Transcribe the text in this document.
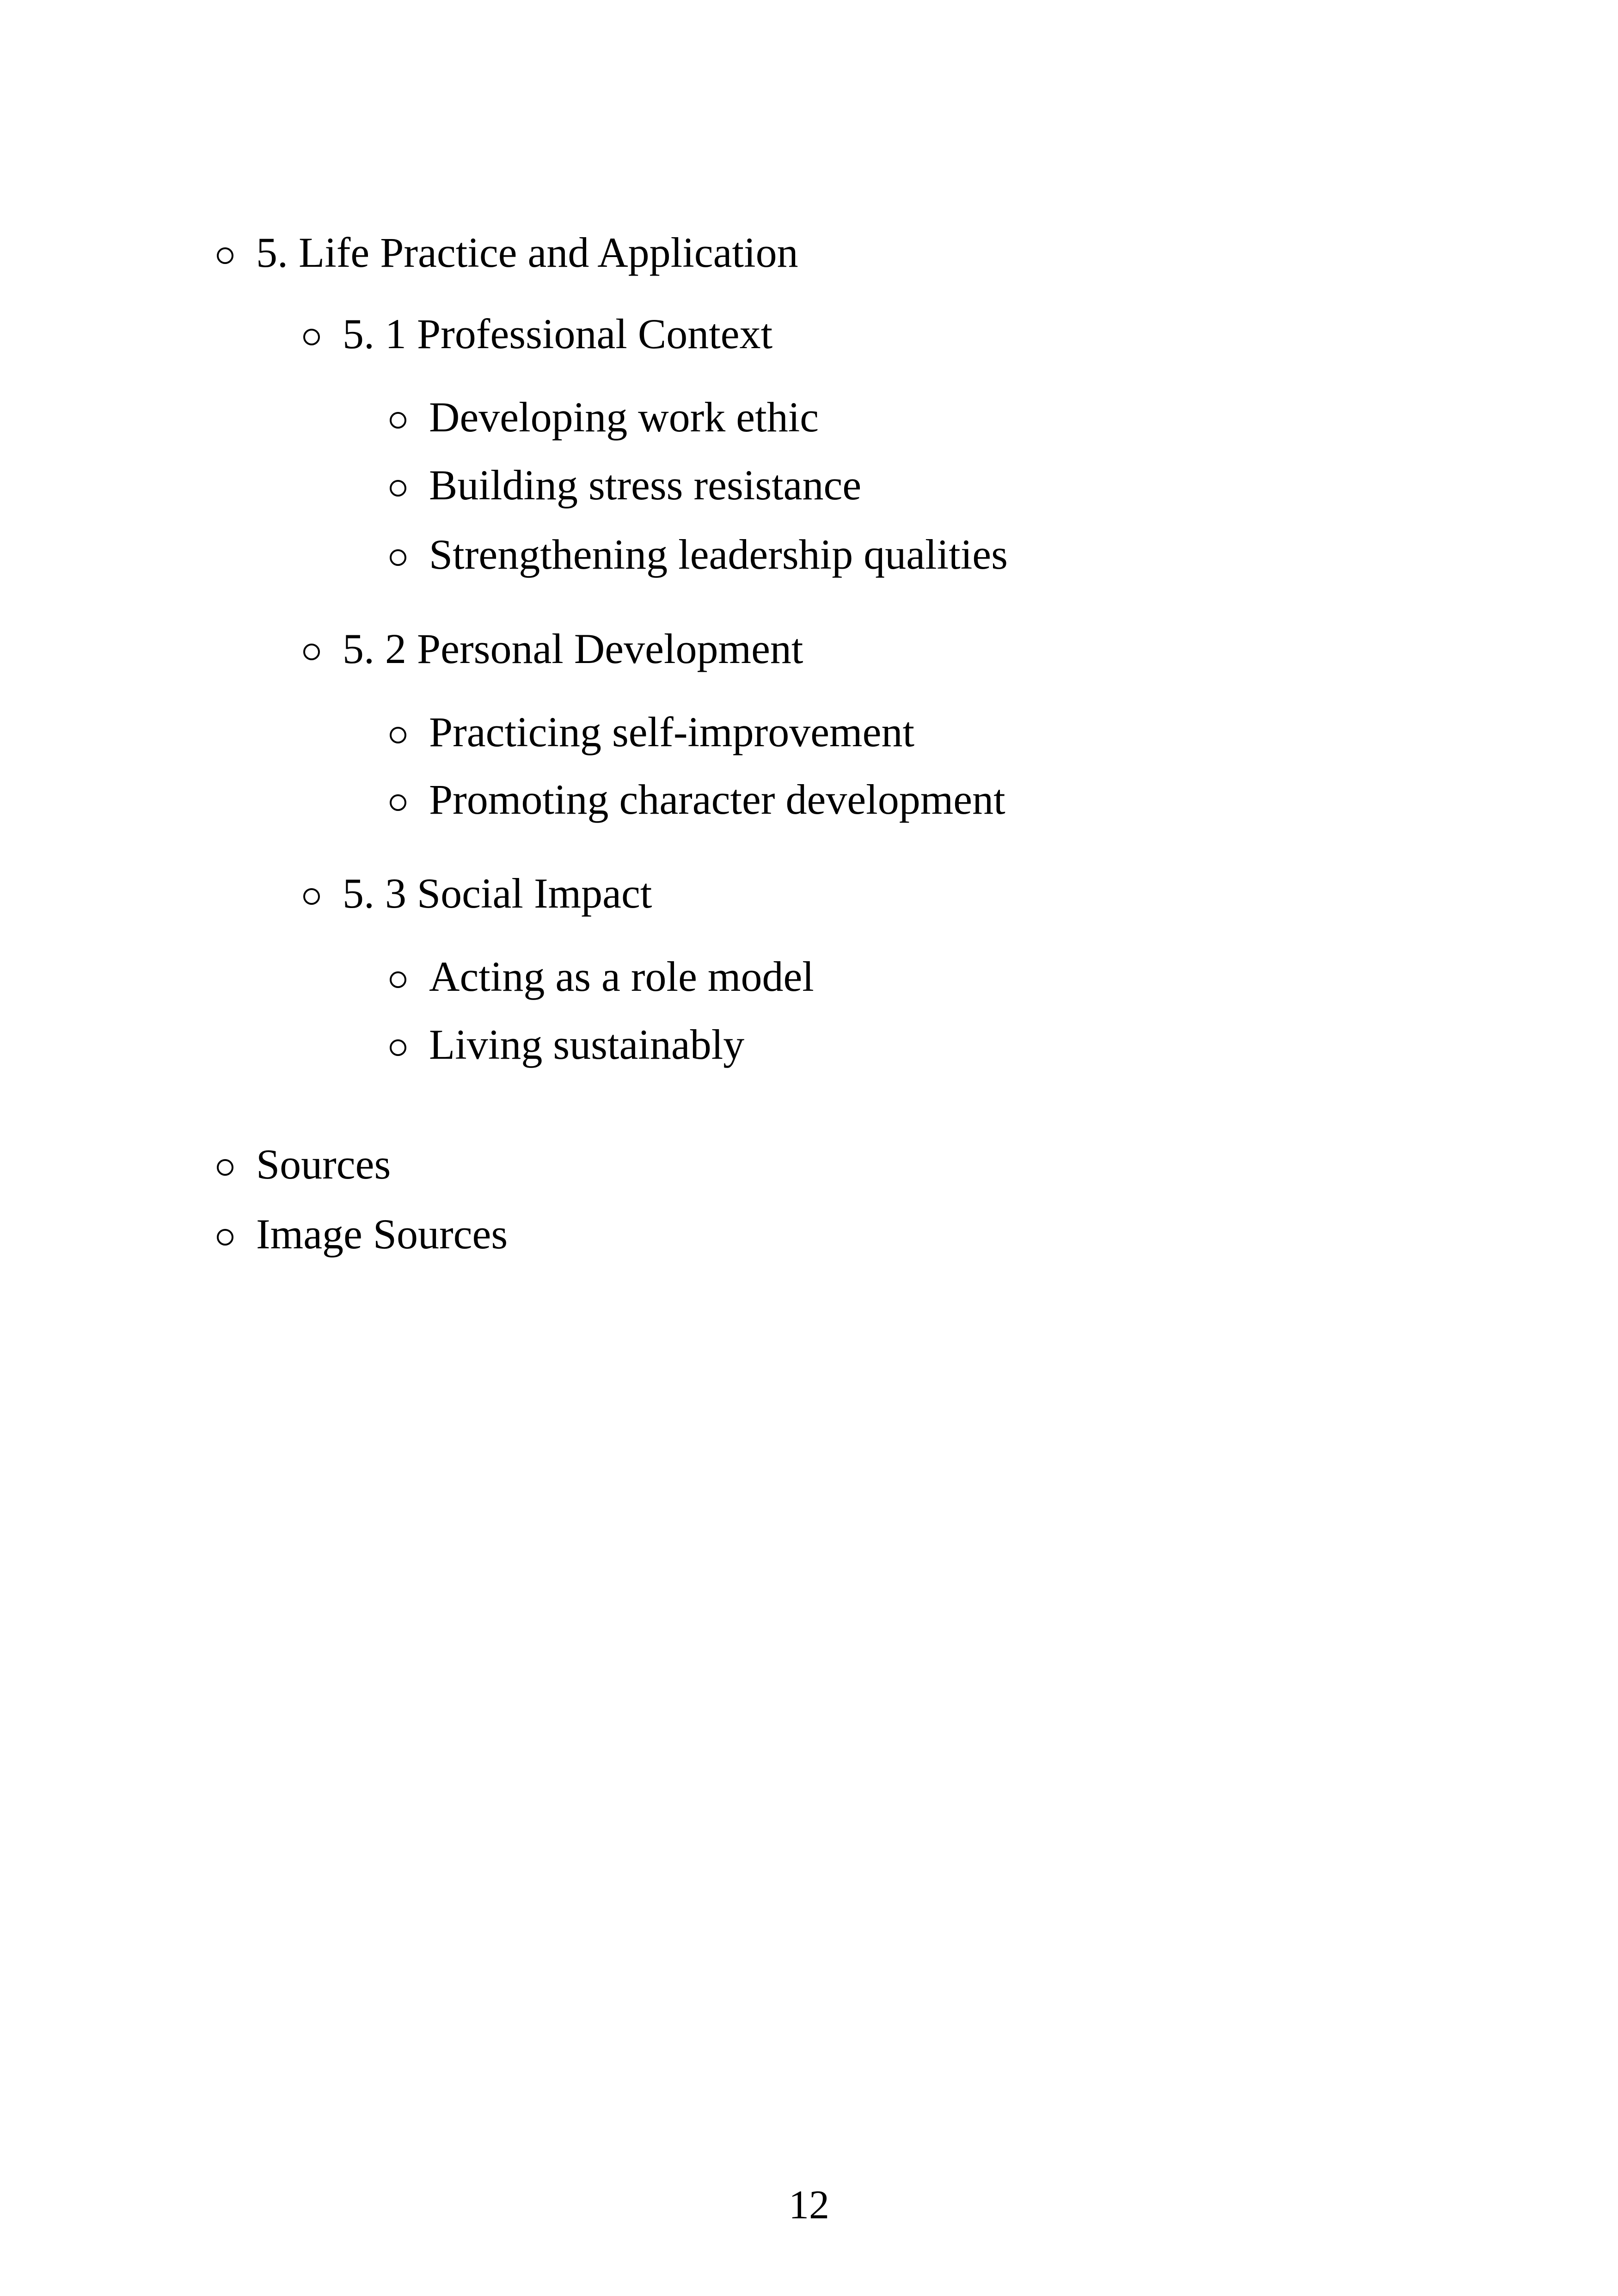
5. Life Practice and Application
5. 1 Professional Context
Developing work ethic
Building stress resistance
Strengthening leadership qualities
5. 2 Personal Development
Practicing self-improvement
Promoting character development
5. 3 Social Impact
Acting as a role model
Living sustainably
Sources
Image Sources
12
